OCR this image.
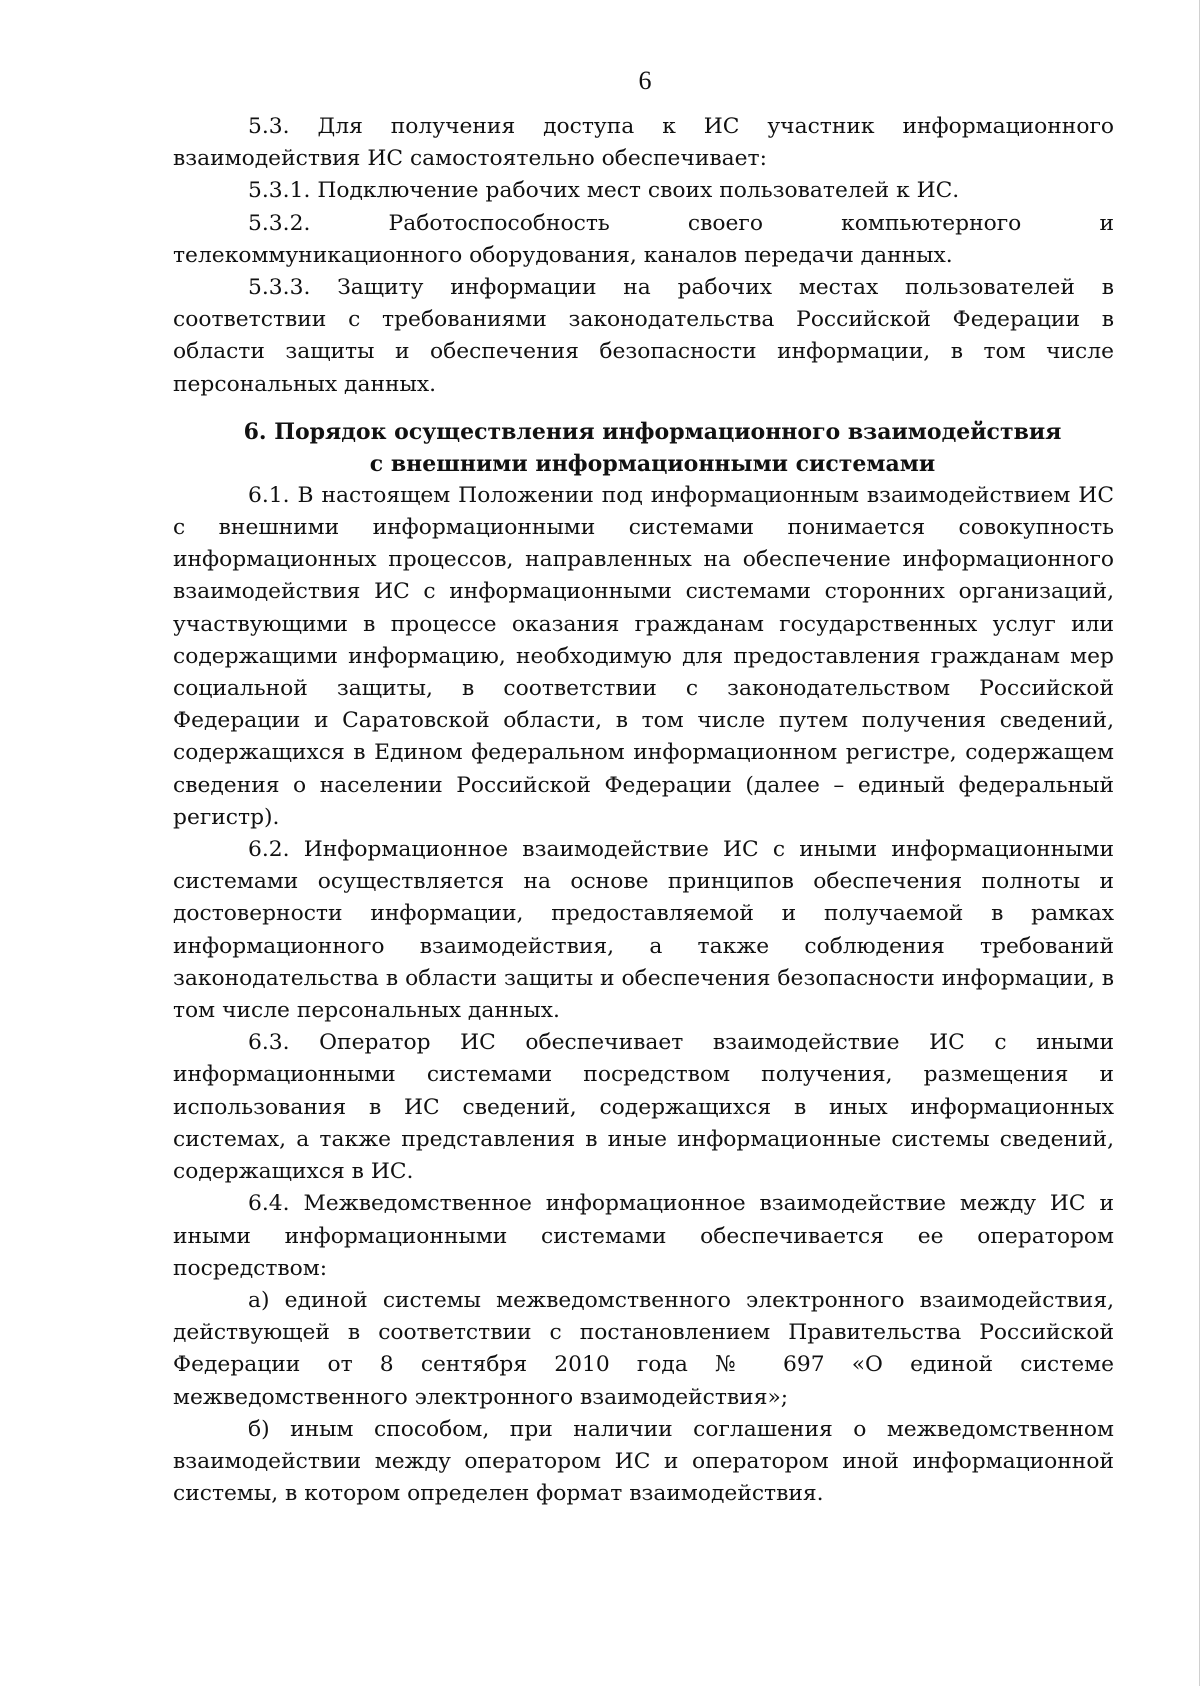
6

5.3. Для получения доступа к ИС участник информационного взаимодействия ИС самостоятельно обеспечивает:

5.3.1. Подключение рабочих мест своих пользователей к ИС.

5.3.2. Работоспособность своего компьютерного и телекоммуникационного оборудования, каналов передачи данных.

5.3.3. Защиту информации на рабочих местах пользователей в соответствии с требованиями законодательства Российской Федерации в области защиты и обеспечения безопасности информации, в том числе персональных данных.

6. Порядок осуществления информационного взаимодействия
с внешними информационными системами

6.1. В настоящем Положении под информационным взаимодействием ИС с внешними информационными системами понимается совокупность информационных процессов, направленных на обеспечение информационного взаимодействия ИС с информационными системами сторонних организаций, участвующими в процессе оказания гражданам государственных услуг или содержащими информацию, необходимую для предоставления гражданам мер социальной защиты, в соответствии с законодательством Российской Федерации и Саратовской области, в том числе путем получения сведений, содержащихся в Едином федеральном информационном регистре, содержащем сведения о населении Российской Федерации (далее – единый федеральный регистр).

6.2. Информационное взаимодействие ИС с иными информационными системами осуществляется на основе принципов обеспечения полноты и достоверности информации, предоставляемой и получаемой в рамках информационного взаимодействия, а также соблюдения требований законодательства в области защиты и обеспечения безопасности информации, в том числе персональных данных.

6.3. Оператор ИС обеспечивает взаимодействие ИС с иными информационными системами посредством получения, размещения и использования в ИС сведений, содержащихся в иных информационных системах, а также представления в иные информационные системы сведений, содержащихся в ИС.

6.4. Межведомственное информационное взаимодействие между ИС и иными информационными системами обеспечивается ее оператором посредством:

а) единой системы межведомственного электронного взаимодействия, действующей в соответствии с постановлением Правительства Российской Федерации от 8 сентября 2010 года № 697 «О единой системе межведомственного электронного взаимодействия»;

б) иным способом, при наличии соглашения о межведомственном взаимодействии между оператором ИС и оператором иной информационной системы, в котором определен формат взаимодействия.
